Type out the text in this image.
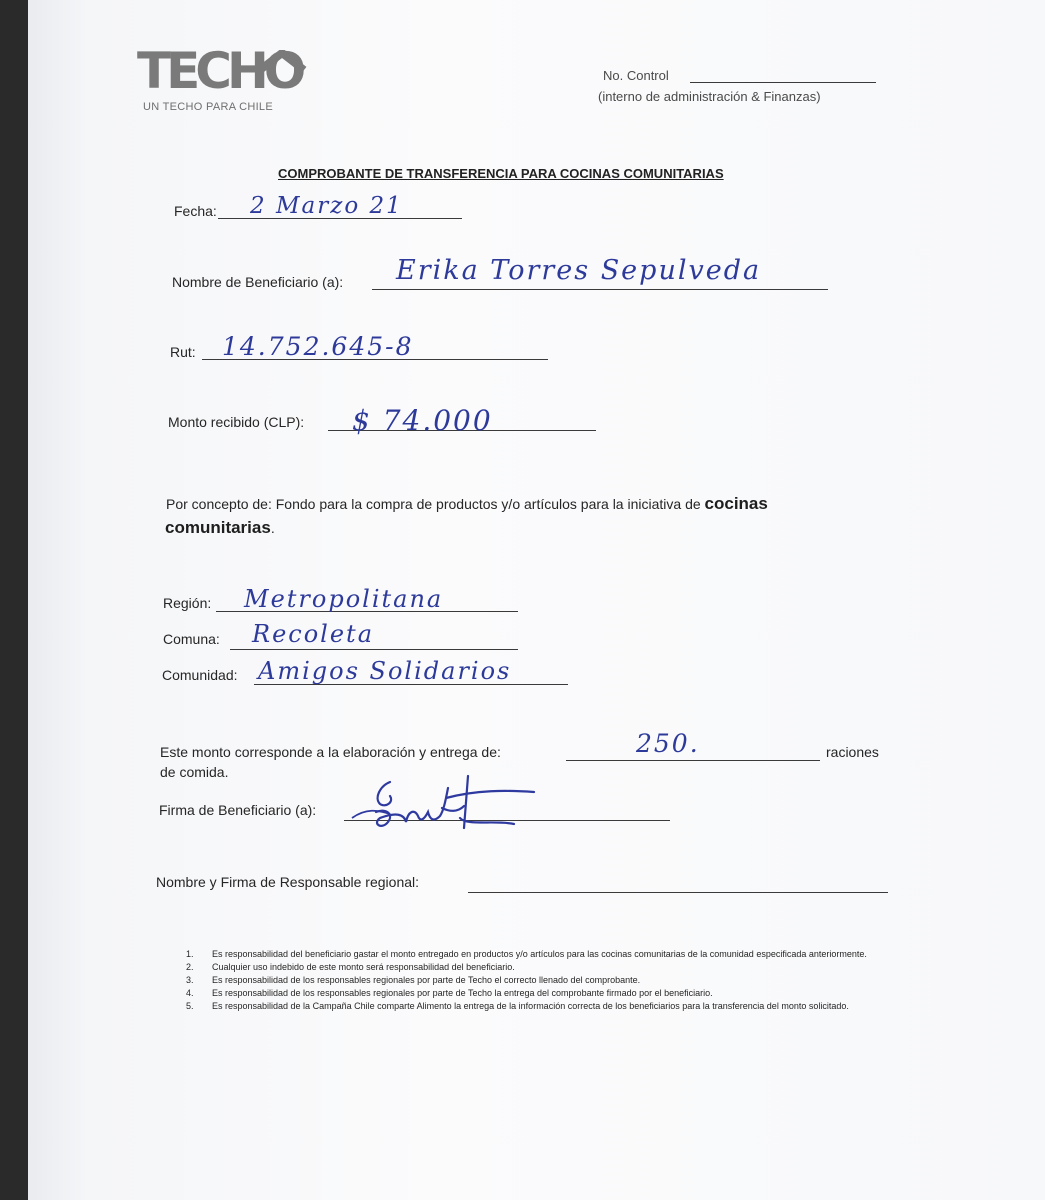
TECHO
UN TECHO PARA CHILE
No. Control
(interno de administración & Finanzas)
COMPROBANTE DE TRANSFERENCIA PARA COCINAS COMUNITARIAS
Fecha: 2 Marzo 21
Nombre de Beneficiario (a): Erika Torres Sepulveda
Rut: 14.752.645-8
Monto recibido (CLP): $ 74.000
Por concepto de: Fondo para la compra de productos y/o artículos para la iniciativa de cocinas
comunitarias.
Región: Metropolitana
Comuna: Recoleta
Comunidad: Amigos Solidarios
Este monto corresponde a la elaboración y entrega de:	250.	raciones
de comida.
Firma de Beneficiario (a):
Nombre y Firma de Responsable regional:
1.	Es responsabilidad del beneficiario gastar el monto entregado en productos y/o artículos para las cocinas comunitarias de la comunidad especificada anteriormente.
2.	Cualquier uso indebido de este monto será responsabilidad del beneficiario.
3.	Es responsabilidad de los responsables regionales por parte de Techo el correcto llenado del comprobante.
4.	Es responsabilidad de los responsables regionales por parte de Techo la entrega del comprobante firmado por el beneficiario.
5.	Es responsabilidad de la Campaña Chile comparte Alimento la entrega de la información correcta de los beneficiarios para la transferencia del monto solicitado.
